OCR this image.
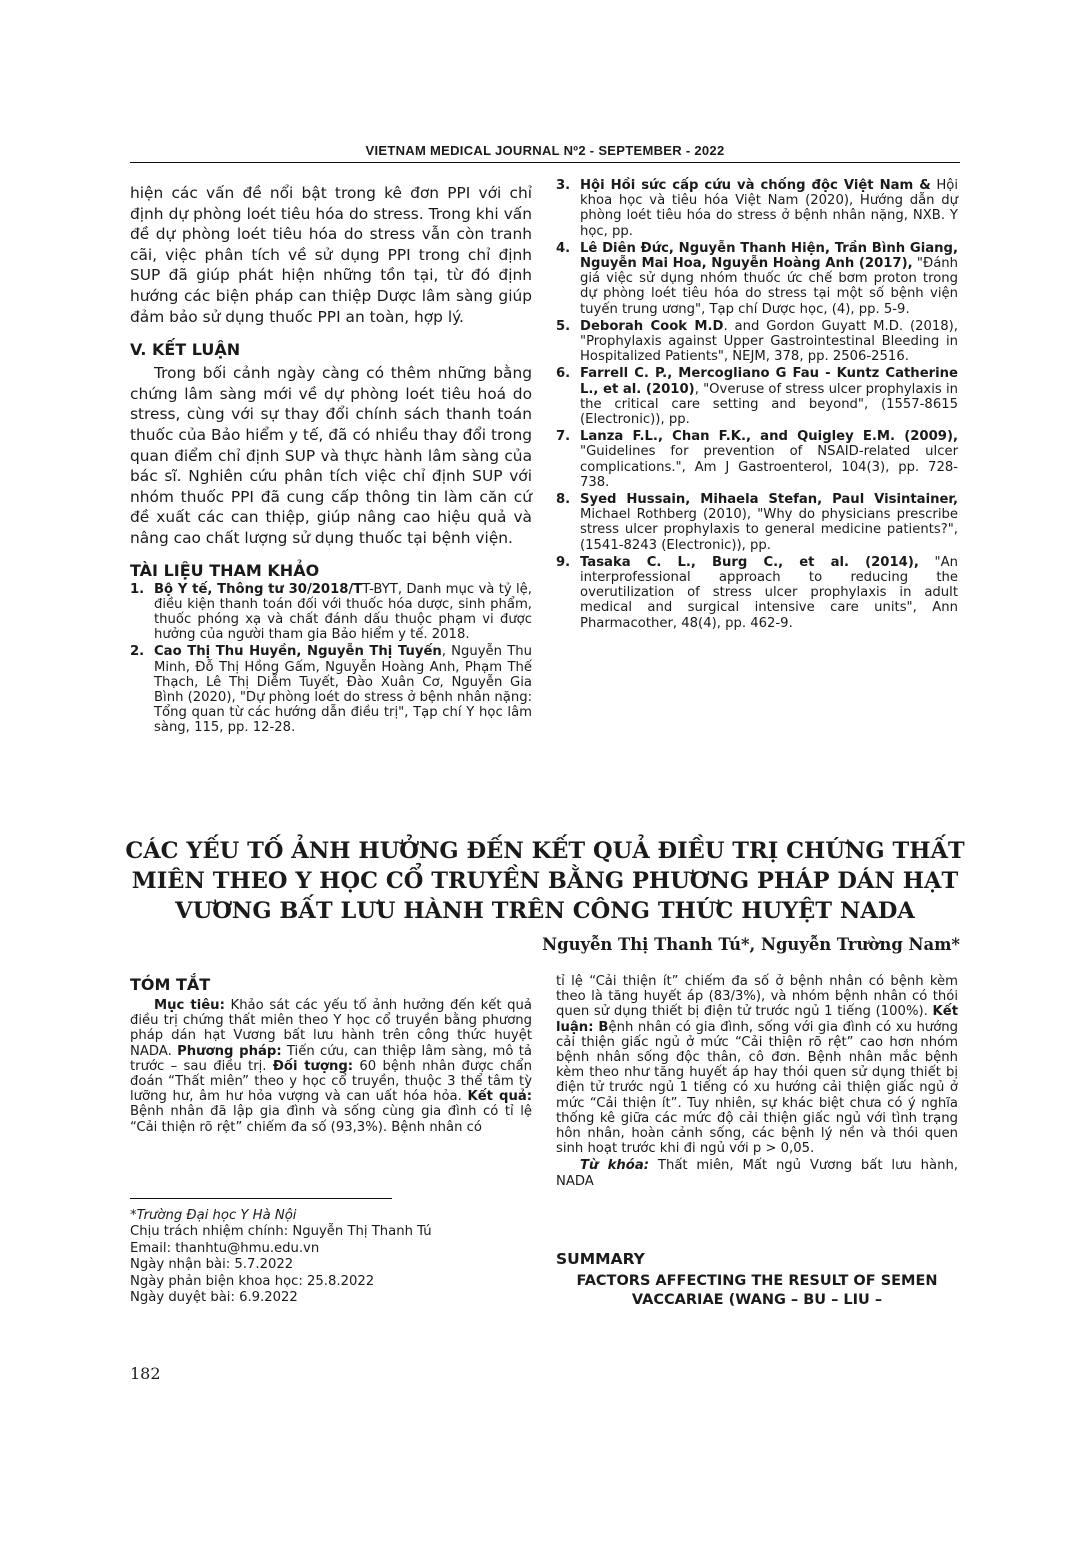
VIETNAM MEDICAL JOURNAL Nº2 - SEPTEMBER - 2022

hiện các vấn đề nổi bật trong kê đơn PPI với chỉ định dự phòng loét tiêu hóa do stress. Trong khi vấn đề dự phòng loét tiêu hóa do stress vẫn còn tranh cãi, việc phân tích về sử dụng PPI trong chỉ định SUP đã giúp phát hiện những tồn tại, từ đó định hướng các biện pháp can thiệp Dược lâm sàng giúp đảm bảo sử dụng thuốc PPI an toàn, hợp lý.

V. KẾT LUẬN

Trong bối cảnh ngày càng có thêm những bằng chứng lâm sàng mới về dự phòng loét tiêu hoá do stress, cùng với sự thay đổi chính sách thanh toán thuốc của Bảo hiểm y tế, đã có nhiều thay đổi trong quan điểm chỉ định SUP và thực hành lâm sàng của bác sĩ. Nghiên cứu phân tích việc chỉ định SUP với nhóm thuốc PPI đã cung cấp thông tin làm căn cứ đề xuất các can thiệp, giúp nâng cao hiệu quả và nâng cao chất lượng sử dụng thuốc tại bệnh viện.

TÀI LIỆU THAM KHẢO
1. Bộ Y tế, Thông tư 30/2018/TT-BYT, Danh mục và tỷ lệ, điều kiện thanh toán đối với thuốc hóa dược, sinh phẩm, thuốc phóng xạ và chất đánh dấu thuộc phạm vi được hưởng của người tham gia Bảo hiểm y tế. 2018.
2. Cao Thị Thu Huyền, Nguyễn Thị Tuyến, Nguyễn Thu Minh, Đỗ Thị Hồng Gấm, Nguyễn Hoàng Anh, Phạm Thế Thạch, Lê Thị Diễm Tuyết, Đào Xuân Cơ, Nguyễn Gia Bình (2020), "Dự phòng loét do stress ở bệnh nhân nặng: Tổng quan từ các hướng dẫn điều trị", Tạp chí Y học lâm sàng, 115, pp. 12-28.
3. Hội Hồi sức cấp cứu và chống độc Việt Nam & Hội khoa học và tiêu hóa Việt Nam (2020), Hướng dẫn dự phòng loét tiêu hóa do stress ở bệnh nhân nặng, NXB. Y học, pp.
4. Lê Diên Đức, Nguyễn Thanh Hiện, Trần Bình Giang, Nguyễn Mai Hoa, Nguyễn Hoàng Anh (2017), "Đánh giá việc sử dụng nhóm thuốc ức chế bơm proton trong dự phòng loét tiêu hóa do stress tại một số bệnh viện tuyến trung ương", Tạp chí Dược học, (4), pp. 5-9.
5. Deborah Cook M.D. and Gordon Guyatt M.D. (2018), "Prophylaxis against Upper Gastrointestinal Bleeding in Hospitalized Patients", NEJM, 378, pp. 2506-2516.
6. Farrell C. P., Mercogliano G Fau - Kuntz Catherine L., et al. (2010), "Overuse of stress ulcer prophylaxis in the critical care setting and beyond", (1557-8615 (Electronic)), pp.
7. Lanza F.L., Chan F.K., and Quigley E.M. (2009), "Guidelines for prevention of NSAID-related ulcer complications.", Am J Gastroenterol, 104(3), pp. 728-738.
8. Syed Hussain, Mihaela Stefan, Paul Visintainer, Michael Rothberg (2010), "Why do physicians prescribe stress ulcer prophylaxis to general medicine patients?", (1541-8243 (Electronic)), pp.
9. Tasaka C. L., Burg C., et al. (2014), "An interprofessional approach to reducing the overutilization of stress ulcer prophylaxis in adult medical and surgical intensive care units", Ann Pharmacother, 48(4), pp. 462-9.
CÁC YẾU TỐ ẢNH HƯỞNG ĐẾN KẾT QUẢ ĐIỀU TRỊ CHỨNG THẤT MIÊN THEO Y HỌC CỔ TRUYỀN BẰNG PHƯƠNG PHÁP DÁN HẠT VƯƠNG BẤT LƯU HÀNH TRÊN CÔNG THỨC HUYỆT NADA
Nguyễn Thị Thanh Tú*, Nguyễn Trường Nam*
TÓM TẮT

Mục tiêu: Khảo sát các yếu tố ảnh hưởng đến kết quả điều trị chứng thất miên theo Y học cổ truyền bằng phương pháp dán hạt Vương bất lưu hành trên công thức huyệt NADA. Phương pháp: Tiến cứu, can thiệp lâm sàng, mô tả trước – sau điều trị. Đối tượng: 60 bệnh nhân được chẩn đoán “Thất miên” theo y học cổ truyền, thuộc 3 thể tâm tỳ lưỡng hư, âm hư hỏa vượng và can uất hóa hỏa. Kết quả: Bệnh nhân đã lập gia đình và sống cùng gia đình có tỉ lệ “Cải thiện rõ rệt” chiếm đa số (93,3%). Bệnh nhân có

tỉ lệ “Cải thiện ít” chiếm đa số ở bệnh nhân có bệnh kèm theo là tăng huyết áp (83/3%), và nhóm bệnh nhân có thói quen sử dụng thiết bị điện tử trước ngủ 1 tiếng (100%). Kết luận: Bệnh nhân có gia đình, sống với gia đình có xu hướng cải thiện giấc ngủ ở mức “Cải thiện rõ rệt” cao hơn nhóm bệnh nhân sống độc thân, cô đơn. Bệnh nhân mắc bệnh kèm theo như tăng huyết áp hay thói quen sử dụng thiết bị điện tử trước ngủ 1 tiếng có xu hướng cải thiện giấc ngủ ở mức “Cải thiện ít”. Tuy nhiên, sự khác biệt chưa có ý nghĩa thống kê giữa các mức độ cải thiện giấc ngủ với tình trạng hôn nhân, hoàn cảnh sống, các bệnh lý nền và thói quen sinh hoạt trước khi đi ngủ với p > 0,05.

Từ khóa: Thất miên, Mất ngủ Vương bất lưu hành, NADA

SUMMARY
FACTORS AFFECTING THE RESULT OF SEMEN VACCARIAE (WANG – BU – LIU –
*Trường Đại học Y Hà Nội
Chịu trách nhiệm chính: Nguyễn Thị Thanh Tú
Email: thanhtu@hmu.edu.vn
Ngày nhận bài: 5.7.2022
Ngày phản biện khoa học: 25.8.2022
Ngày duyệt bài: 6.9.2022
182
